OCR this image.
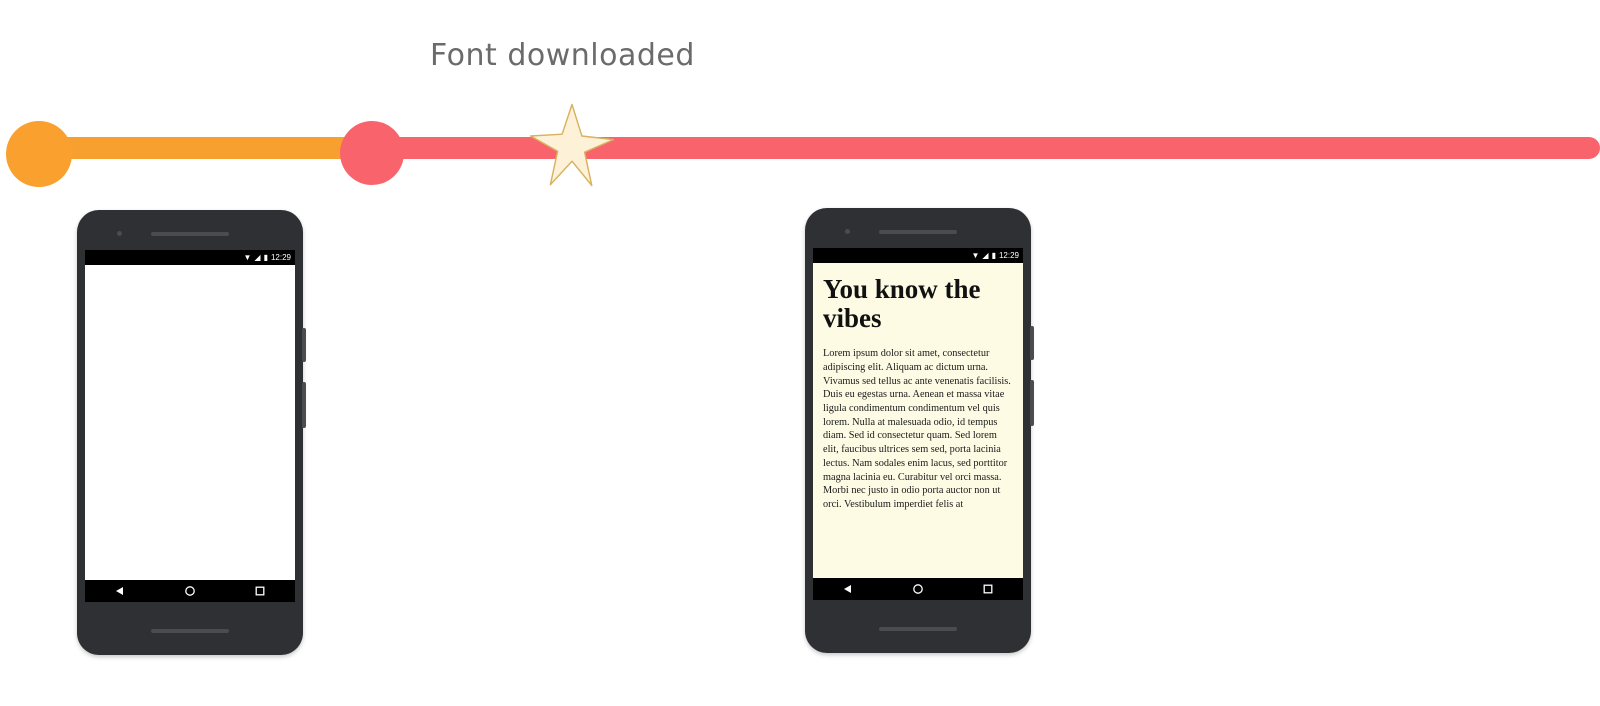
Font downloaded
▼ ◢ ▮ 12:29	▼ ◢ ▮ 12:29
You know the vibes
Lorem ipsum dolor sit amet, consectetur adipiscing elit. Aliquam ac dictum urna. Vivamus sed tellus ac ante venenatis facilisis. Duis eu egestas urna. Aenean et massa vitae ligula condimentum condimentum vel quis lorem. Nulla at malesuada odio, id tempus diam. Sed id consectetur quam. Sed lorem elit, faucibus ultrices sem sed, porta lacinia lectus. Nam sodales enim lacus, sed porttitor magna lacinia eu. Curabitur vel orci massa. Morbi nec justo in odio porta auctor non ut orci. Vestibulum imperdiet felis at
